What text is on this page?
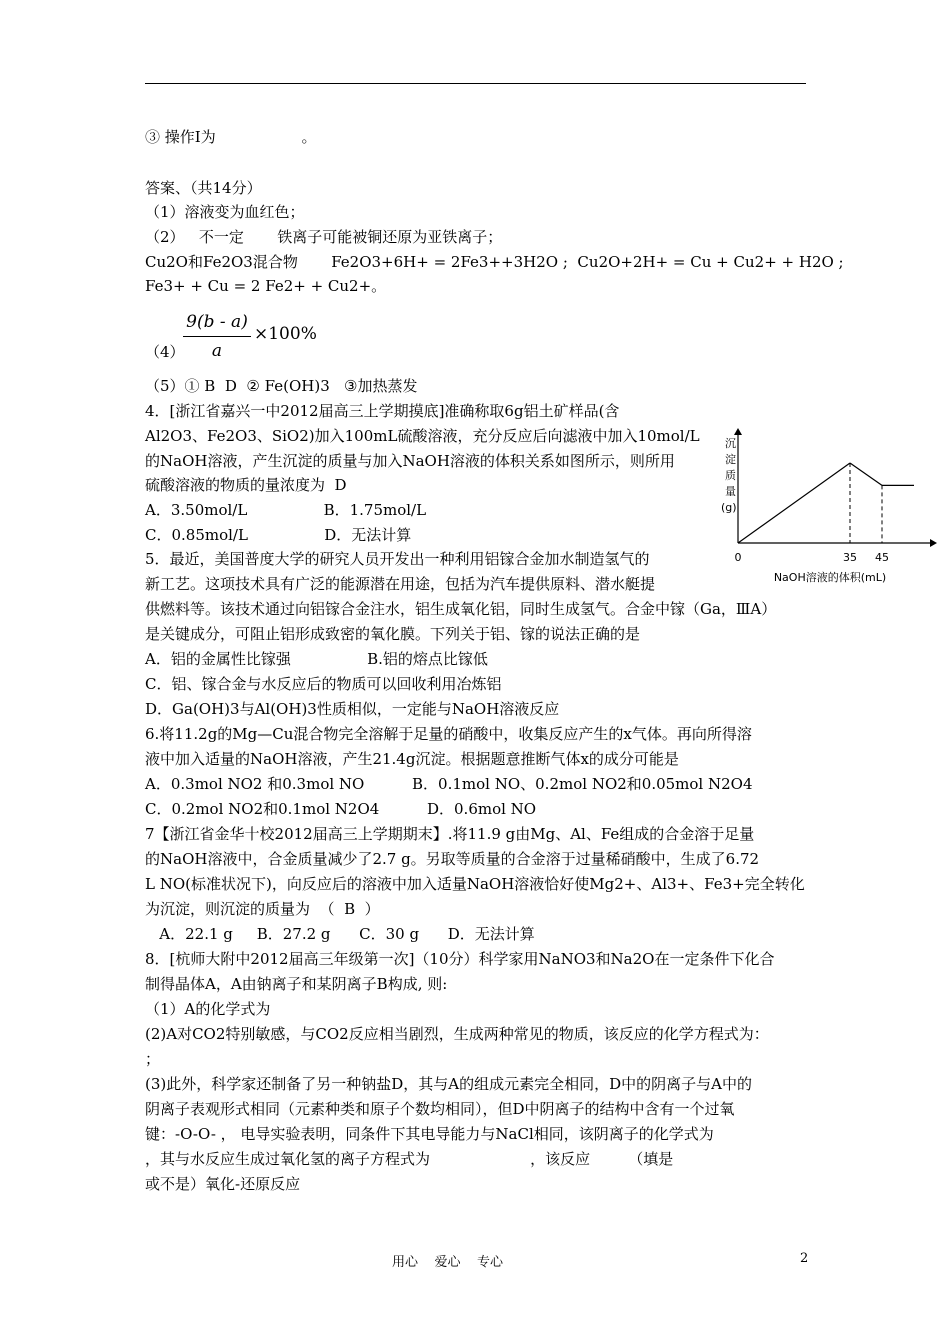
③ 操作Ⅰ为                  。
答案、（共14分）
（1）溶液变为血红色；
（2）   不一定       铁离子可能被铜还原为亚铁离子；
Cu2O和Fe2O3混合物       Fe2O3+6H+ = 2Fe3++3H2O ;  Cu2O+2H+ = Cu + Cu2+ + H2O ;
Fe3+ + Cu = 2 Fe2+ + Cu2+。
9(b - a)
a
×100%
（4）
（5）① B  D  ② Fe(OH)3   ③加热蒸发
4．[浙江省嘉兴一中2012届高三上学期摸底]准确称取6g铝土矿样品(含
Al2O3、Fe2O3、SiO2)加入100mL硫酸溶液，充分反应后向滤液中加入10mol/L
的NaOH溶液，产生沉淀的质量与加入NaOH溶液的体积关系如图所示，则所用
硫酸溶液的物质的量浓度为  D
A．3.50mol/L                B．1.75mol/L
C．0.85mol/L                D．无法计算
5．最近，美国普度大学的研究人员开发出一种利用铝镓合金加水制造氢气的
新工艺。这项技术具有广泛的能源潜在用途，包括为汽车提供原料、潜水艇提
供燃料等。该技术通过向铝镓合金注水，铝生成氧化铝，同时生成氢气。合金中镓（Ga，ⅢA）
是关键成分，可阻止铝形成致密的氧化膜。下列关于铝、镓的说法正确的是
A．铝的金属性比镓强                B.铝的熔点比镓低
C．铝、镓合金与水反应后的物质可以回收利用冶炼铝
D．Ga(OH)3与Al(OH)3性质相似，一定能与NaOH溶液反应
6.将11.2g的Mg—Cu混合物完全溶解于足量的硝酸中，收集反应产生的x气体。再向所得溶
液中加入适量的NaOH溶液，产生21.4g沉淀。根据题意推断气体x的成分可能是
A．0.3mol NO2 和0.3mol NO          B．0.1mol NO、0.2mol NO2和0.05mol N2O4
C．0.2mol NO2和0.1mol N2O4          D．0.6mol NO
7【浙江省金华十校2012届高三上学期期末】.将11.9 g由Mg、Al、Fe组成的合金溶于足量
的NaOH溶液中，合金质量减少了2.7 g。另取等质量的合金溶于过量稀硝酸中，生成了6.72
L NO(标准状况下)，向反应后的溶液中加入适量NaOH溶液恰好使Mg2+、Al3+、Fe3+完全转化
为沉淀，则沉淀的质量为  （  B  ）
A．22.1 g     B．27.2 g      C．30 g      D．无法计算
8．[杭师大附中2012届高三年级第一次]（10分）科学家用NaNO3和Na2O在一定条件下化合
制得晶体A，A由钠离子和某阴离子B构成, 则:
（1）A的化学式为
(2)A对CO2特别敏感，与CO2反应相当剧烈，生成两种常见的物质，该反应的化学方程式为：
；
(3)此外，科学家还制备了另一种钠盐D，其与A的组成元素完全相同，D中的阴离子与A中的
阴离子表观形式相同（元素种类和原子个数均相同），但D中阴离子的结构中含有一个过氧
键：-O-O- ， 电导实验表明，同条件下其电导能力与NaCl相同，该阴离子的化学式为
，其与水反应生成过氧化氢的离子方程式为                     ，该反应        （填是
或不是）氧化-还原反应
沉
淀
质
量
(g)
0	35 45
NaOH溶液的体积(mL)
用心    爱心    专心	2
